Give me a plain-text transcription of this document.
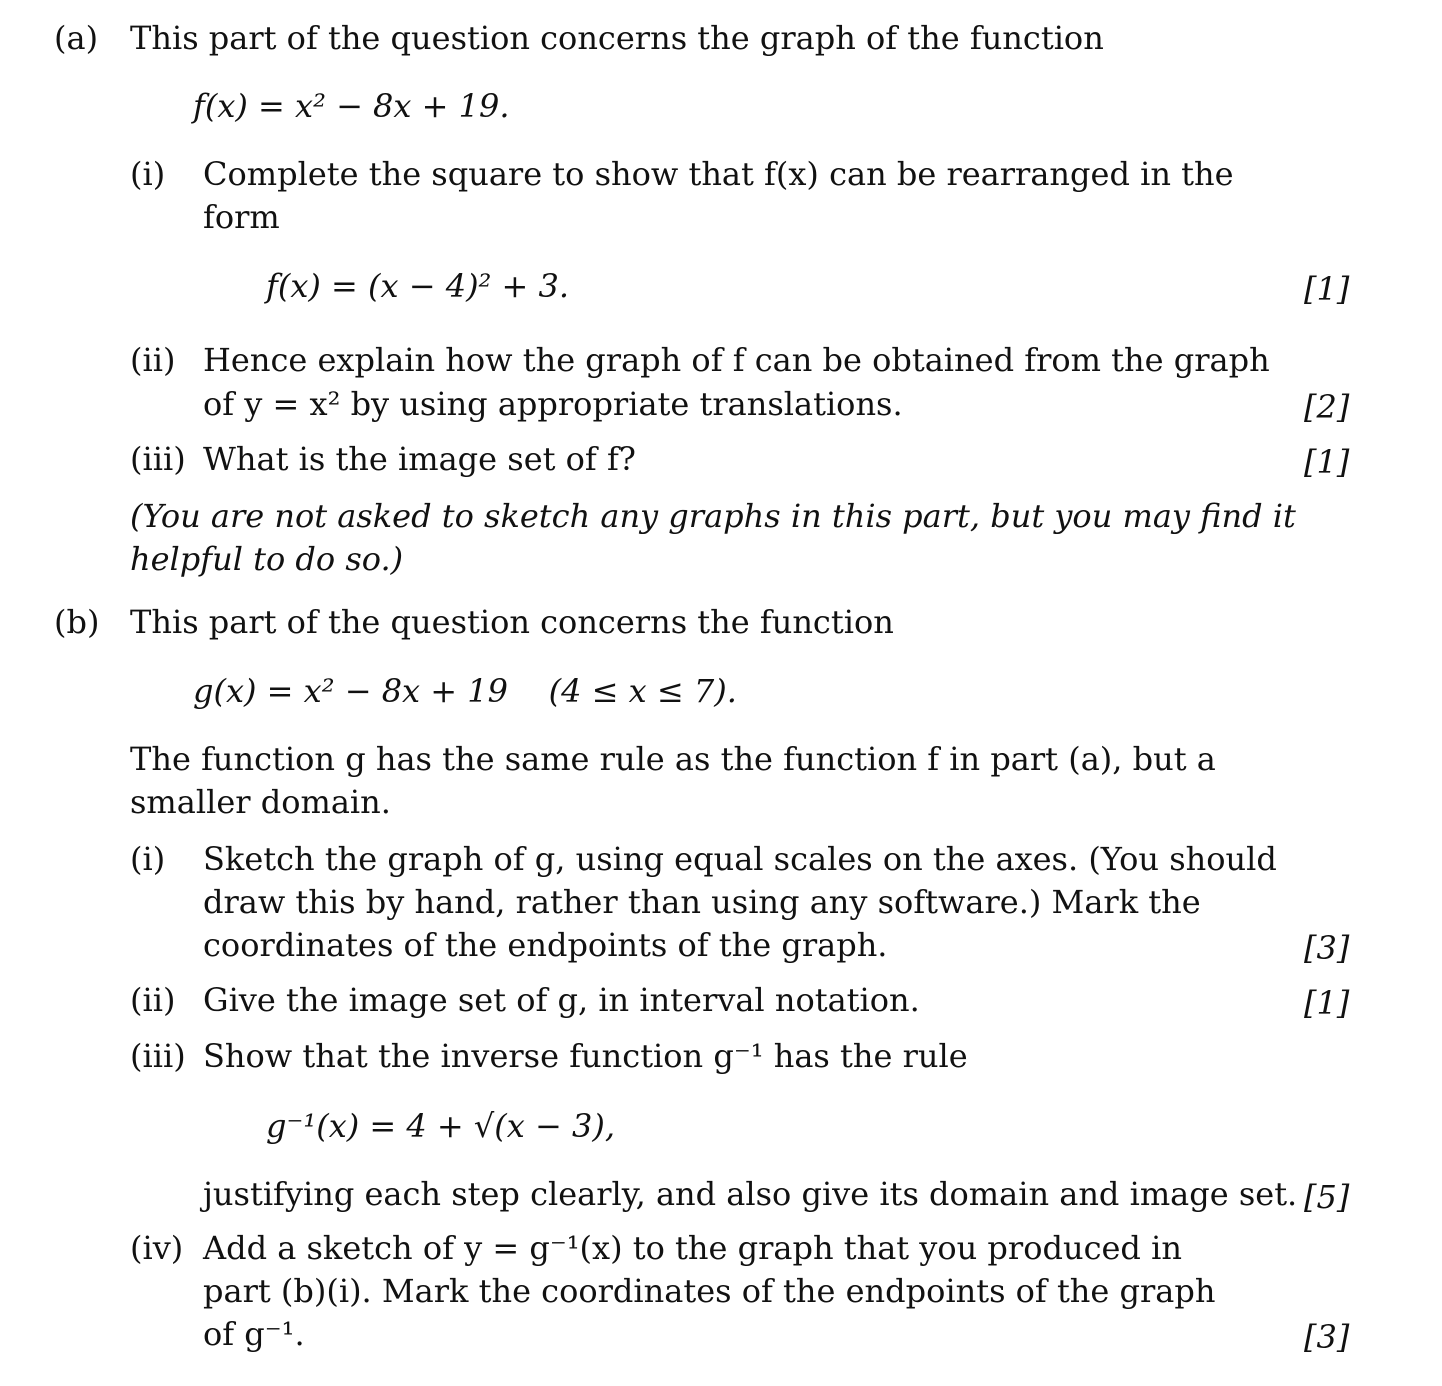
(a) This part of the question concerns the graph of the function
f(x) = x² − 8x + 19.
(i) Complete the square to show that f(x) can be rearranged in the
form
f(x) = (x − 4)² + 3.	[1]
(ii) Hence explain how the graph of f can be obtained from the graph
of y = x² by using appropriate translations.	[2]
(iii) What is the image set of f?	[1]
(You are not asked to sketch any graphs in this part, but you may find it
helpful to do so.)
(b) This part of the question concerns the function
g(x) = x² − 8x + 19    (4 ≤ x ≤ 7).
The function g has the same rule as the function f in part (a), but a
smaller domain.
(i) Sketch the graph of g, using equal scales on the axes. (You should
draw this by hand, rather than using any software.) Mark the
coordinates of the endpoints of the graph.	[3]
(ii) Give the image set of g, in interval notation.	[1]
(iii) Show that the inverse function g⁻¹ has the rule
g⁻¹(x) = 4 + √(x − 3),
justifying each step clearly, and also give its domain and image set. [5]
(iv) Add a sketch of y = g⁻¹(x) to the graph that you produced in
part (b)(i). Mark the coordinates of the endpoints of the graph
of g⁻¹.	[3]
